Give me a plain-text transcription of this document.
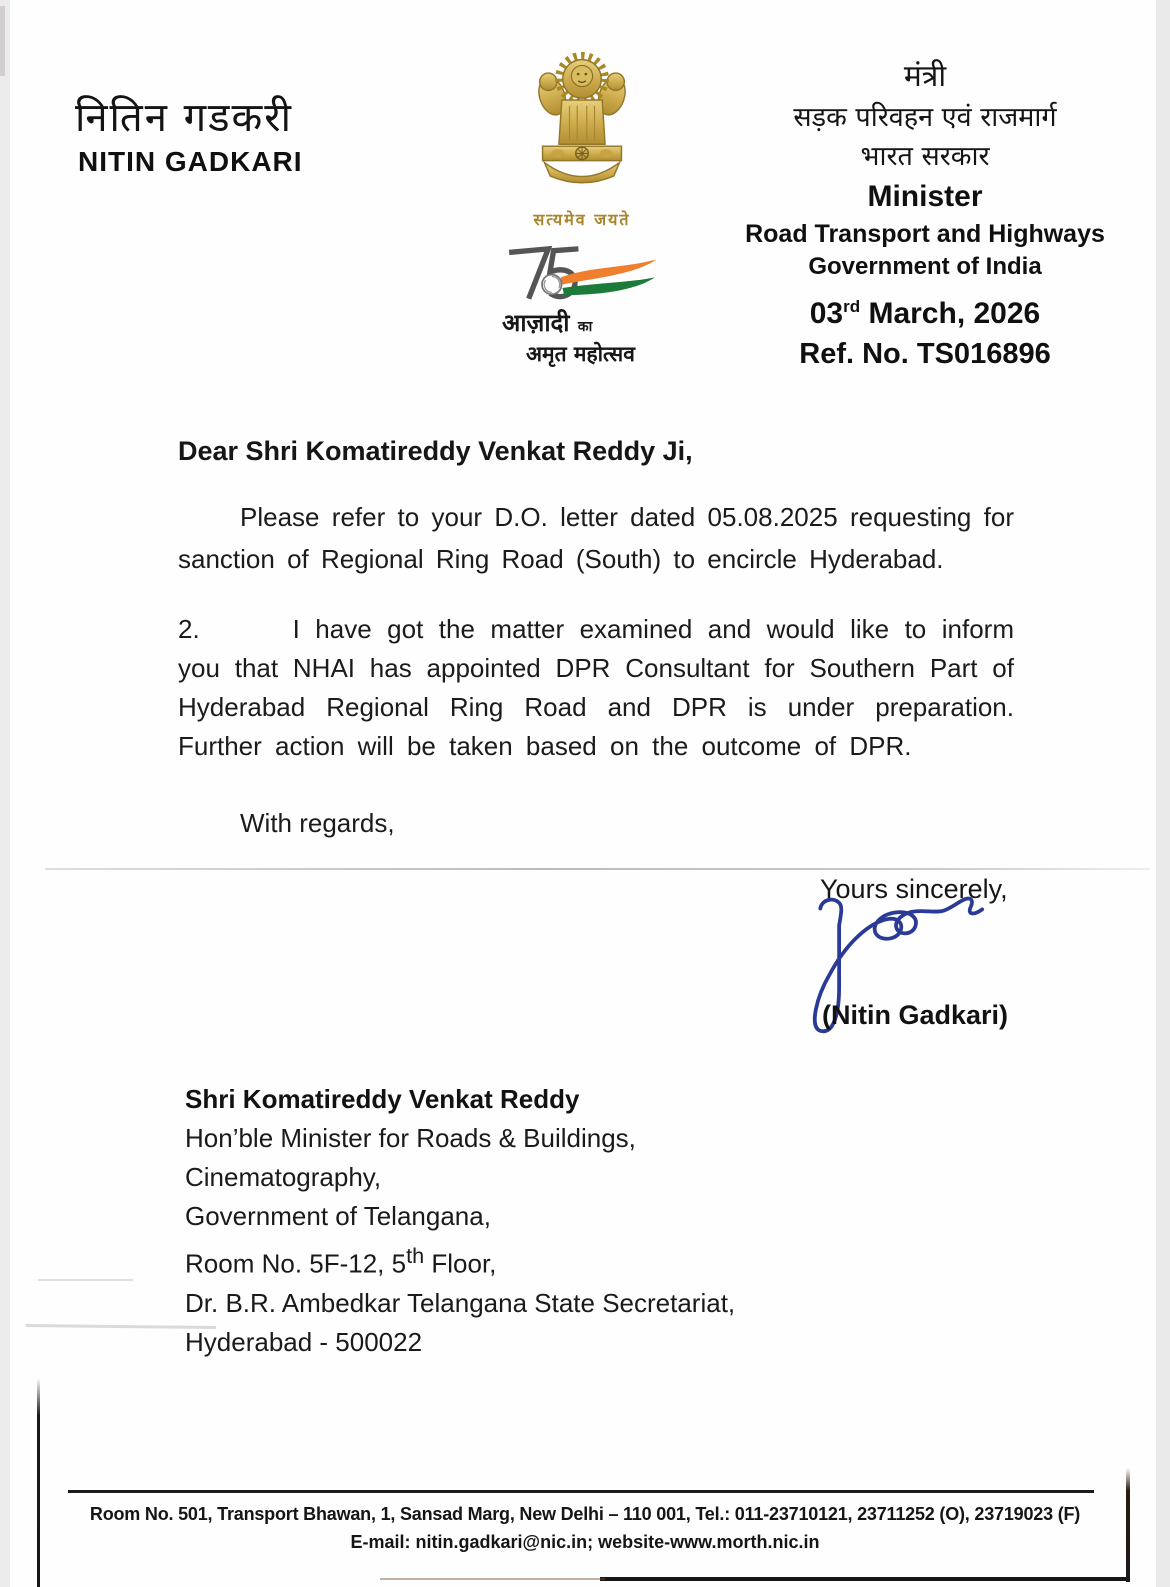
नितिन गडकरी
NITIN GADKARI
सत्यमेव जयते
आज़ादी का
अमृत महोत्सव
मंत्री
सड़क परिवहन एवं राजमार्ग
भारत सरकार
Minister
Road Transport and Highways
Government of India
03rd March, 2026
Ref. No. TS016896
Dear Shri Komatireddy Venkat Reddy Ji,
Please refer to your D.O. letter dated 05.08.2025 requesting for sanction of Regional Ring Road (South) to encircle Hyderabad.
2.      I have got the matter examined and would like to inform you that NHAI has appointed DPR Consultant for Southern Part of Hyderabad Regional Ring Road and DPR is under preparation. Further action will be taken based on the outcome of DPR.
With regards,
Yours sincerely,
(Nitin Gadkari)
Shri Komatireddy Venkat Reddy
Hon’ble Minister for Roads & Buildings,
Cinematography,
Government of Telangana,
Room No. 5F-12, 5th Floor,
Dr. B.R. Ambedkar Telangana State Secretariat,
Hyderabad - 500022
Room No. 501, Transport Bhawan, 1, Sansad Marg, New Delhi – 110 001, Tel.: 011-23710121, 23711252 (O), 23719023 (F)
E-mail: nitin.gadkari@nic.in; website-www.morth.nic.in
